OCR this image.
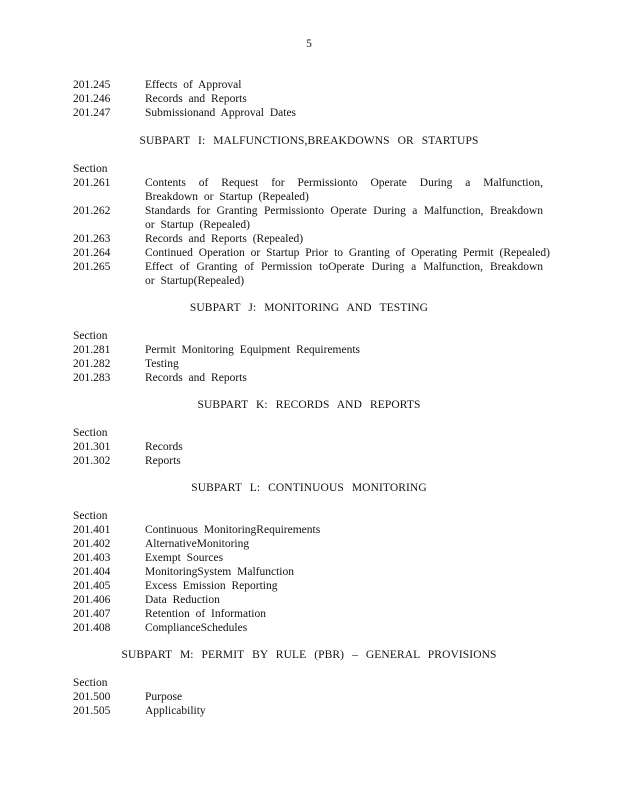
5
201.245	Effects of Approval
201.246	Records and Reports
201.247	Submissionand Approval Dates
SUBPART I: MALFUNCTIONS,BREAKDOWNS OR STARTUPS
Section
201.261	Contents of Request for Permissionto Operate During a Malfunction, Breakdown or Startup (Repealed)
201.262	Standards for Granting Permissionto Operate During a Malfunction, Breakdown or Startup (Repealed)
201.263	Records and Reports (Repealed)
201.264	Continued Operation or Startup Prior to Granting of Operating Permit (Repealed)
201.265	Effect of Granting of Permission toOperate During a Malfunction, Breakdown or Startup(Repealed)
SUBPART J: MONITORING AND TESTING
Section
201.281	Permit Monitoring Equipment Requirements
201.282	Testing
201.283	Records and Reports
SUBPART K: RECORDS AND REPORTS
Section
201.301	Records
201.302	Reports
SUBPART L: CONTINUOUS MONITORING
Section
201.401	Continuous MonitoringRequirements
201.402	AlternativeMonitoring
201.403	Exempt Sources
201.404	MonitoringSystem Malfunction
201.405	Excess Emission Reporting
201.406	Data Reduction
201.407	Retention of Information
201.408	ComplianceSchedules
SUBPART M: PERMIT BY RULE (PBR) – GENERAL PROVISIONS
Section
201.500	Purpose
201.505	Applicability
